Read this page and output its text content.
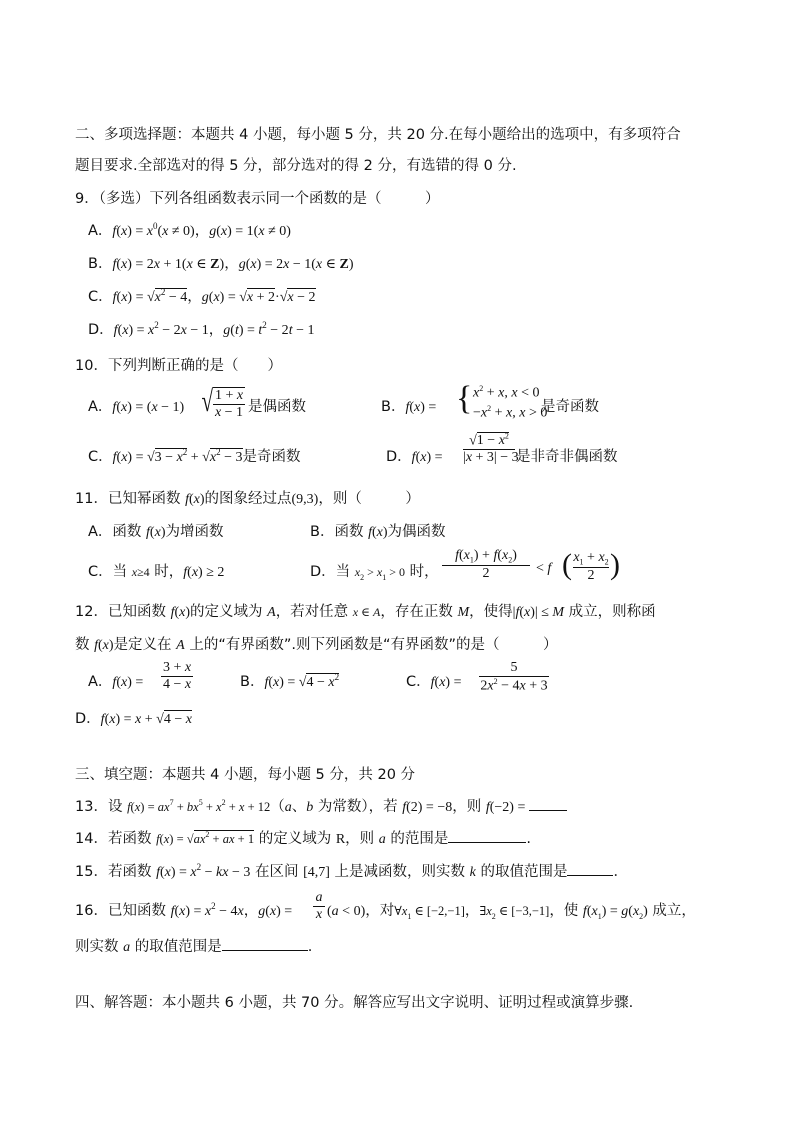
二、多项选择题：本题共 4 小题，每小题 5 分，共 20 分.在每小题给出的选项中，有多项符合
题目要求.全部选对的得 5 分，部分选对的得 2 分，有选错的得 0 分.
9．（多选）下列各组函数表示同一个函数的是（　　　）
A．$f(x) = x^0(x \ne 0)$，g(x) = 1(x ≠ 0)
B．f(x) = 2x + 1(x ∈ Z)，g(x) = 2x − 1(x ∈ Z)
C．$f(x) = √x^2 - 4$，g(x) = √x + 2·√x − 2
D．$f(x) = x^2 - 2x - 1$，$g(t) = t^2 - 2t - 1$
10．下列判断正确的是（　　）
A．f(x) = (x − 1) √ 1 + x

x − 1 是偶函数	B．f(x) = { $x^2 + x$, x < 0
$-x^2 + x$, x > 0
是奇函数
C．$f(x) = √3 - x^2 + √x^2 - 3$是奇函数	D．f(x) =
$√1 - x^2$
|x + 3| − 3
是非奇非偶函数
11．已知幂函数 f(x)的图象经过点(9,3)，则（　　　）
A．函数 f(x)为增函数	B．函数 f(x)为偶函数
C．当 x≥4 时，f(x) ≥ 2	D．当 $x_2 > x_1 > 0$ 时，
$f(x_1) + f(x_2)$
2	< f ( $x_1 + x_2$
2 )
12．已知函数 f(x)的定义域为 A，若对任意 x ∈ A，存在正数 M，使得|f(x)| ≤ M 成立，则称函
数 f(x)是定义在 A 上的“有界函数”.则下列函数是“有界函数”的是（　　　）
A．f(x) =
3 + x
4 − x	B．$f(x) = √4 - x^2$	C．f(x) =
5
$2x^2 - 4x + 3$
D．f(x) = x + √4 − x
三、填空题：本题共 4 小题，每小题 5 分，共 20 分
13．设 $f(x) = ax^7 + bx^5 + x^2 + x + 12(a$、b 为常数），若 f(2) = −8，则 f(−2) =
14．若函数 $f(x) = √ax^2$ + ax + 1 的定义域为 R，则 a 的范围是	.
15．若函数 $f(x) = x^2$ − kx − 3 在区间 [4,7] 上是减函数，则实数 k 的取值范围是	．
16．已知函数 $f(x) = x^2 - 4x$，g(x) =
a
x (a < 0)，对$\forall x_1$ ∈ [−2,−1]，$\exists x_2$ ∈ [−3,−1]，使 $f(x_1) = g(x_2)$ 成立，
则实数 a 的取值范围是	.
四、解答题：本小题共 6 小题，共 70 分。解答应写出文字说明、证明过程或演算步骤.
